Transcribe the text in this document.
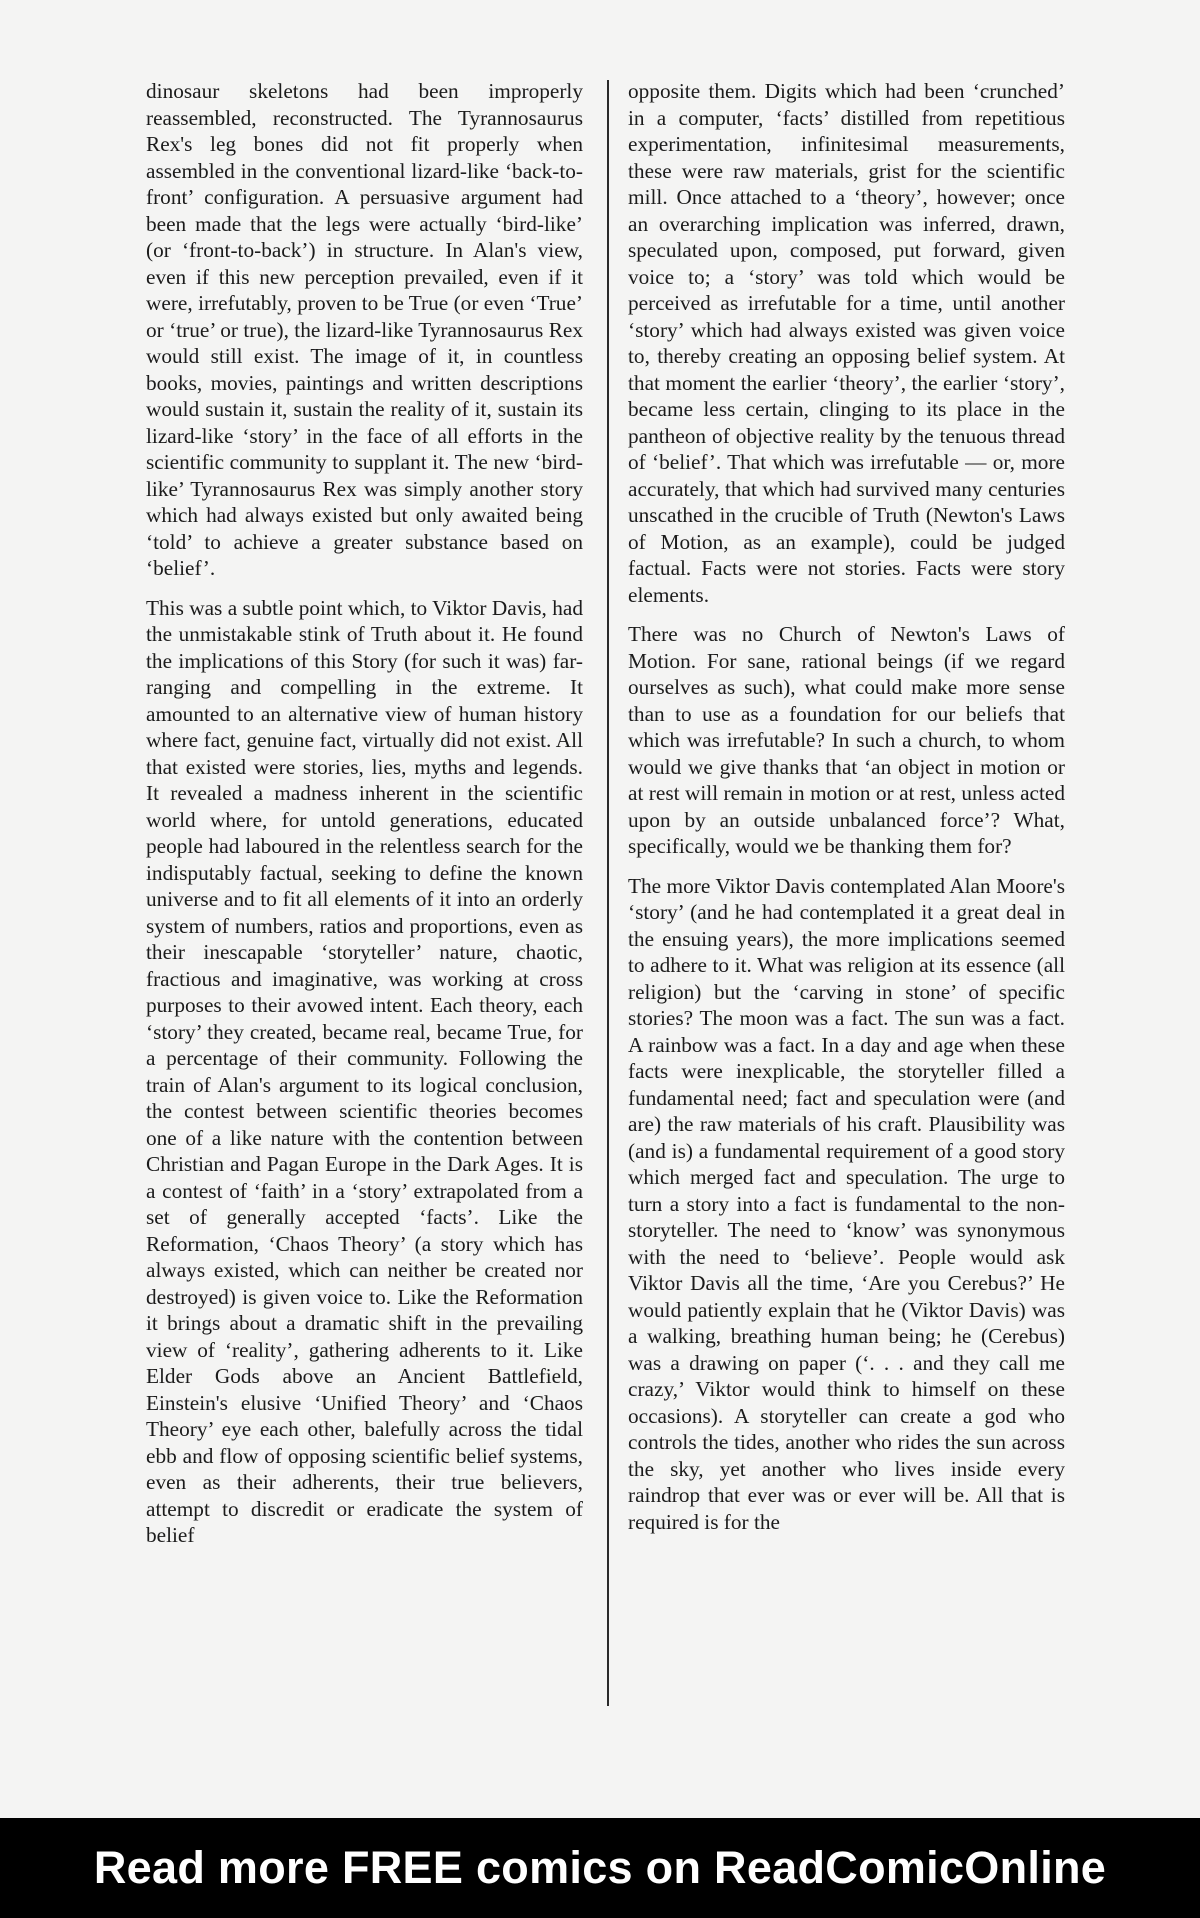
dinosaur skeletons had been improperly reassembled, reconstructed. The Tyrannosaurus Rex's leg bones did not fit properly when assembled in the conventional lizard-like ‘back-to-front’ configuration. A persuasive argument had been made that the legs were actually ‘bird-like’ (or ‘front-to-back’) in structure. In Alan's view, even if this new perception prevailed, even if it were, irrefutably, proven to be True (or even ‘True’ or ‘true’ or true), the lizard-like Tyrannosaurus Rex would still exist. The image of it, in countless books, movies, paintings and written descriptions would sustain it, sustain the reality of it, sustain its lizard-like ‘story’ in the face of all efforts in the scientific community to supplant it. The new ‘bird-like’ Tyrannosaurus Rex was simply another story which had always existed but only awaited being ‘told’ to achieve a greater substance based on ‘belief’.

This was a subtle point which, to Viktor Davis, had the unmistakable stink of Truth about it. He found the implications of this Story (for such it was) far-ranging and compelling in the extreme. It amounted to an alternative view of human history where fact, genuine fact, virtually did not exist. All that existed were stories, lies, myths and legends. It revealed a madness inherent in the scientific world where, for untold generations, educated people had laboured in the relentless search for the indisputably factual, seeking to define the known universe and to fit all elements of it into an orderly system of numbers, ratios and proportions, even as their inescapable ‘storyteller’ nature, chaotic, fractious and imaginative, was working at cross purposes to their avowed intent. Each theory, each ‘story’ they created, became real, became True, for a percentage of their community. Following the train of Alan's argument to its logical conclusion, the contest between scientific theories becomes one of a like nature with the contention between Christian and Pagan Europe in the Dark Ages. It is a contest of ‘faith’ in a ‘story’ extrapolated from a set of generally accepted ‘facts’. Like the Reformation, ‘Chaos Theory’ (a story which has always existed, which can neither be created nor destroyed) is given voice to. Like the Reformation it brings about a dramatic shift in the prevailing view of ‘reality’, gathering adherents to it. Like Elder Gods above an Ancient Battlefield, Einstein's elusive ‘Unified Theory’ and ‘Chaos Theory’ eye each other, balefully across the tidal ebb and flow of opposing scientific belief systems, even as their adherents, their true believers, attempt to discredit or eradicate the system of belief

opposite them. Digits which had been ‘crunched’ in a computer, ‘facts’ distilled from repetitious experimentation, infinitesimal measurements, these were raw materials, grist for the scientific mill. Once attached to a ‘theory’, however; once an overarching implication was inferred, drawn, speculated upon, composed, put forward, given voice to; a ‘story’ was told which would be perceived as irrefutable for a time, until another ‘story’ which had always existed was given voice to, thereby creating an opposing belief system. At that moment the earlier ‘theory’, the earlier ‘story’, became less certain, clinging to its place in the pantheon of objective reality by the tenuous thread of ‘belief’. That which was irrefutable — or, more accurately, that which had survived many centuries unscathed in the crucible of Truth (Newton's Laws of Motion, as an example), could be judged factual. Facts were not stories. Facts were story elements.

There was no Church of Newton's Laws of Motion. For sane, rational beings (if we regard ourselves as such), what could make more sense than to use as a foundation for our beliefs that which was irrefutable? In such a church, to whom would we give thanks that ‘an object in motion or at rest will remain in motion or at rest, unless acted upon by an outside unbalanced force’? What, specifically, would we be thanking them for?

The more Viktor Davis contemplated Alan Moore's ‘story’ (and he had contemplated it a great deal in the ensuing years), the more implications seemed to adhere to it. What was religion at its essence (all religion) but the ‘carving in stone’ of specific stories? The moon was a fact. The sun was a fact. A rainbow was a fact. In a day and age when these facts were inexplicable, the storyteller filled a fundamental need; fact and speculation were (and are) the raw materials of his craft. Plausibility was (and is) a fundamental requirement of a good story which merged fact and speculation. The urge to turn a story into a fact is fundamental to the non-storyteller. The need to ‘know’ was synonymous with the need to ‘believe’. People would ask Viktor Davis all the time, ‘Are you Cerebus?’ He would patiently explain that he (Viktor Davis) was a walking, breathing human being; he (Cerebus) was a drawing on paper (‘. . . and they call me crazy,’ Viktor would think to himself on these occasions). A storyteller can create a god who controls the tides, another who rides the sun across the sky, yet another who lives inside every raindrop that ever was or ever will be. All that is required is for the

Read more FREE comics on ReadComicOnline
